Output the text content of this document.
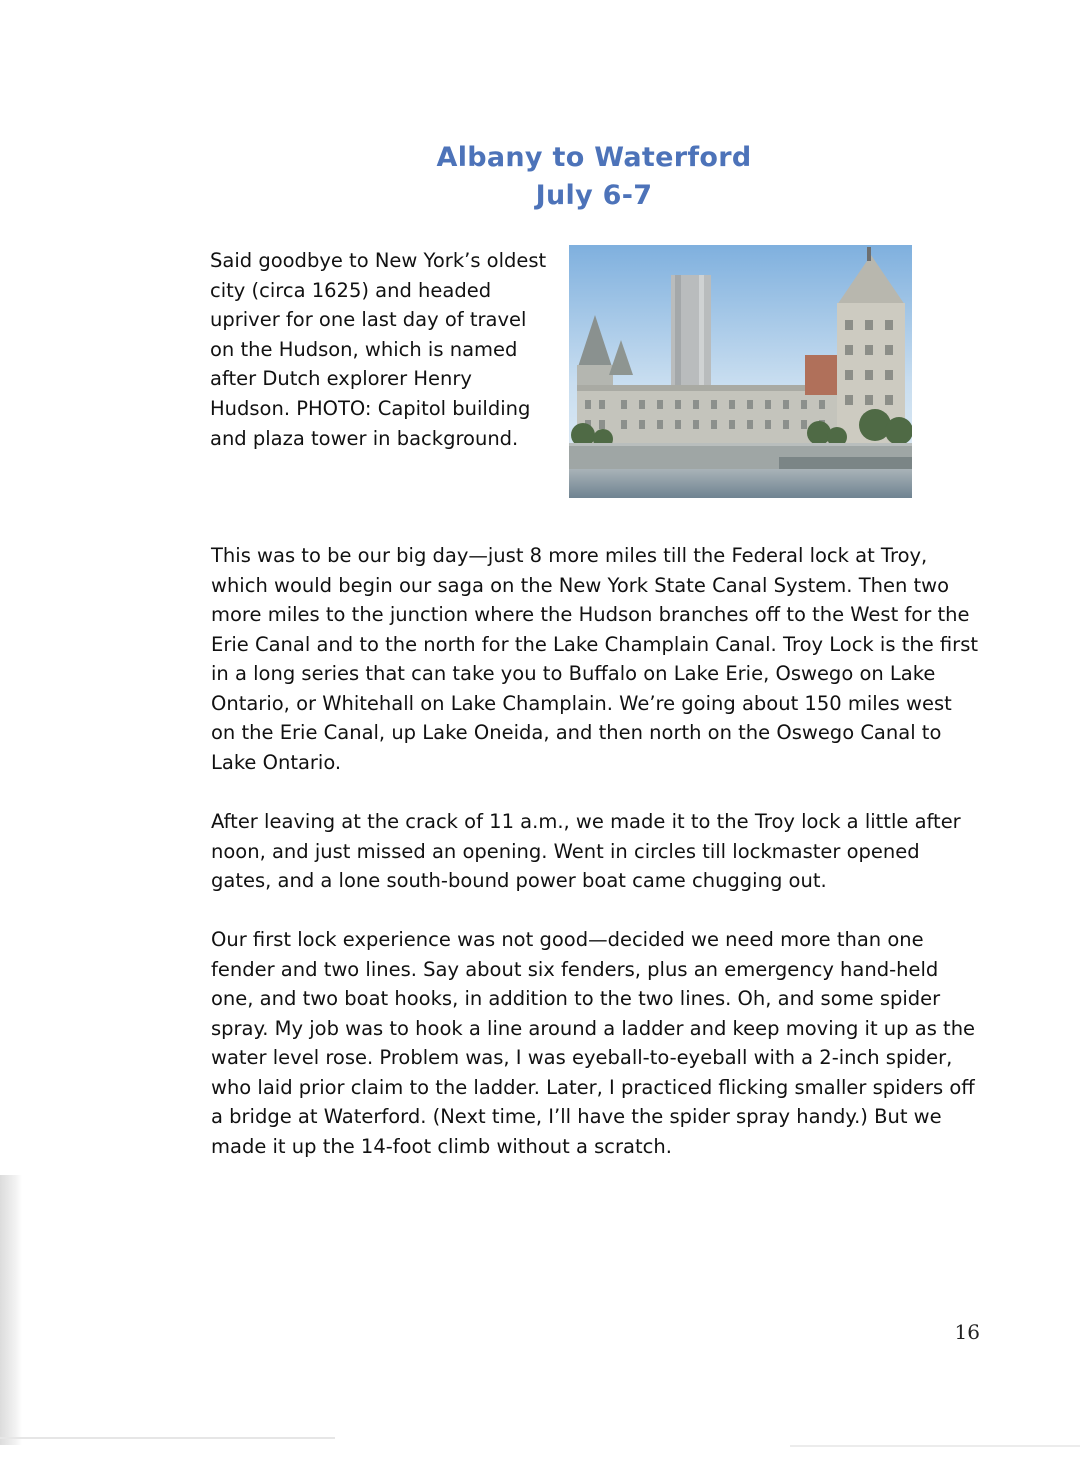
Albany to Waterford
July 6-7
Said goodbye to New York’s oldest city (circa 1625) and headed upriver for one last day of travel on the Hudson, which is named after Dutch explorer Henry Hudson. PHOTO: Capitol building and plaza tower in background.

This was to be our big day—just 8 more miles till the Federal lock at Troy, which would begin our saga on the New York State Canal System. Then two more miles to the junction where the Hudson branches off to the West for the Erie Canal and to the north for the Lake Champlain Canal. Troy Lock is the first in a long series that can take you to Buffalo on Lake Erie, Oswego on Lake Ontario, or Whitehall on Lake Champlain. We’re going about 150 miles west on the Erie Canal, up Lake Oneida, and then north on the Oswego Canal to Lake Ontario.

After leaving at the crack of 11 a.m., we made it to the Troy lock a little after noon, and just missed an opening. Went in circles till lockmaster opened gates, and a lone south-bound power boat came chugging out.

Our first lock experience was not good—decided we need more than one fender and two lines. Say about six fenders, plus an emergency hand-held one, and two boat hooks, in addition to the two lines. Oh, and some spider spray. My job was to hook a line around a ladder and keep moving it up as the water level rose. Problem was, I was eyeball-to-eyeball with a 2-inch spider, who laid prior claim to the ladder. Later, I practiced flicking smaller spiders off a bridge at Waterford. (Next time, I’ll have the spider spray handy.) But we made it up the 14-foot climb without a scratch.

16
